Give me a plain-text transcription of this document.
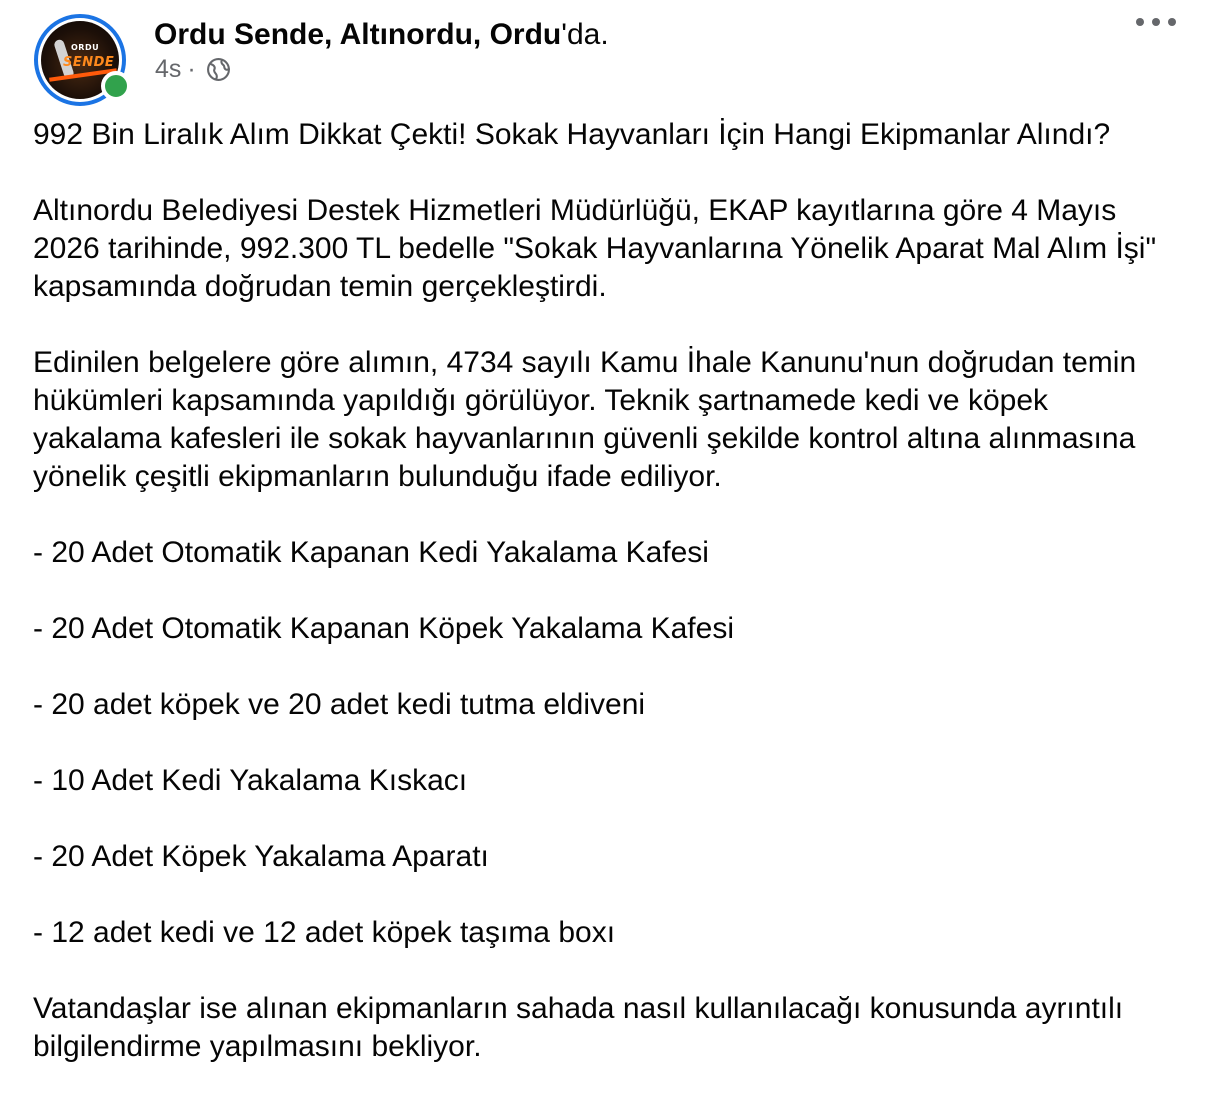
ORDU
SENDE
Ordu Sende, Altınordu, Ordu'da.
4s ·

992 Bin Liralık Alım Dikkat Çekti! Sokak Hayvanları İçin Hangi Ekipmanlar Alındı?

Altınordu Belediyesi Destek Hizmetleri Müdürlüğü, EKAP kayıtlarına göre 4 Mayıs 2026 tarihinde, 992.300 TL bedelle "Sokak Hayvanlarına Yönelik Aparat Mal Alım İşi" kapsamında doğrudan temin gerçekleştirdi.

Edinilen belgelere göre alımın, 4734 sayılı Kamu İhale Kanunu'nun doğrudan temin hükümleri kapsamında yapıldığı görülüyor. Teknik şartnamede kedi ve köpek yakalama kafesleri ile sokak hayvanlarının güvenli şekilde kontrol altına alınmasına yönelik çeşitli ekipmanların bulunduğu ifade ediliyor.

- 20 Adet Otomatik Kapanan Kedi Yakalama Kafesi

- 20 Adet Otomatik Kapanan Köpek Yakalama Kafesi

- 20 adet köpek ve 20 adet kedi tutma eldiveni

- 10 Adet Kedi Yakalama Kıskacı

- 20 Adet Köpek Yakalama Aparatı

- 12 adet kedi ve 12 adet köpek taşıma boxı

Vatandaşlar ise alınan ekipmanların sahada nasıl kullanılacağı konusunda ayrıntılı bilgilendirme yapılmasını bekliyor.
